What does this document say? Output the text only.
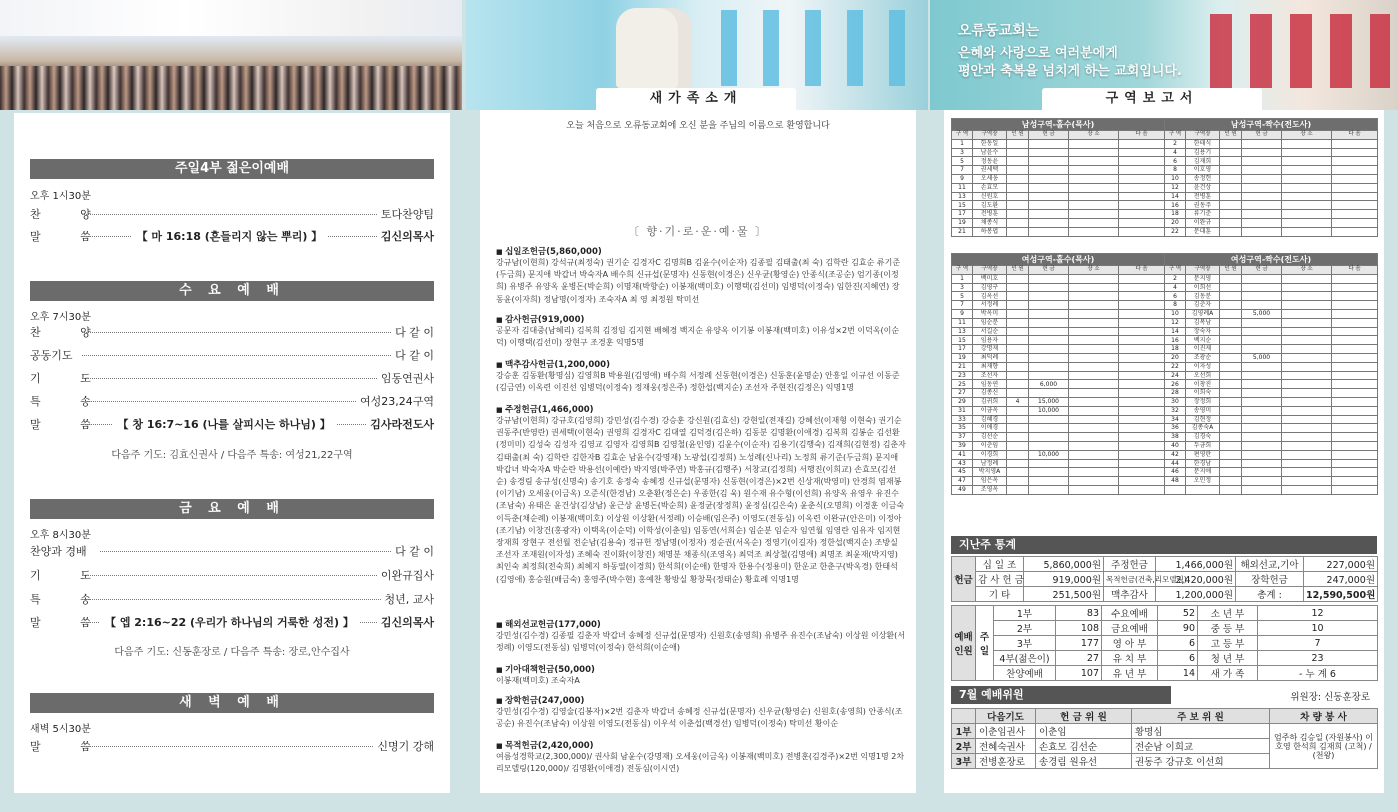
주일4부 젊은이예배
오후 1시30분
찬 양	토다찬양팀
말 씀	【 마 16:18 (흔들리지 않는 뿌리) 】	김신의목사
수 요 예 배
오후 7시30분
찬 양	다 같 이
공동기도	다 같 이
기 도	임동연권사
특 송	여성23,24구역
말 씀 【 창 16:7~16 (나를 살피시는 하나님) 】	김사라전도사
다음주 기도: 김효신권사 / 다음주 특송: 여성21,22구역
금 요 예 배
오후 8시30분
찬양과 경배	다 같 이
기 도	이완규집사
특 송	청년, 교사
말 씀
【 엡 2:16~22 (우리가 하나님의 거룩한 성전) 】 김신의목사
다음주 기도: 신동훈장로 / 다음주 특송: 장로,안수집사
새 벽 예 배
새벽 5시30분
말 씀	신명기 강해
새가족소개
오늘 처음으로 오류동교회에 오신 분을 주님의 이름으로 환영합니다
〔 향·기·로·운·예·물 〕
■ 십일조헌금(5,860,000)
강규남(이현희) 강석규(최정숙) 권기순 김경자C 김명희B 김윤수(이순자) 김종필 김태출(최 숙) 김학란 김효순 류기준(두금희) 문지애 박갑녀 박숙자A 배수희 신규섭(문명자) 신동현(이경은) 신우균(황영순) 안종식(조공순) 엄기종(이정희) 유병주 유양옥 윤병돈(박순희) 이명재(박향순) 이봉재(백미호) 이행택(김선미) 임병덕(이정숙) 임한진(지혜연) 장동윤(이자희) 정남명(이정자) 조숙자A 최 영 최정원 탁미선
■ 감사헌금(919,000)
공문자 김대중(남혜리) 김복희 김정임 김지현 배혜경 백지순 유양옥 이기봉 이봉재(백미호) 이유성×2번 이덕옥(이순덕) 이행택(김선미) 장현구 조경훈 익명5명
■ 맥추감사헌금(1,200,000)
강승훈 김동환(황명심) 김영희B 박용원(김영애) 배수희 서정례 신동현(이경은) 신동훈(윤명순) 안흥일 이규선 이동준(김금연) 이옥련 이진선 임병덕(이정숙) 정재웅(정은주) 정한섭(백지순) 조선자 주현진(김정은) 익명1명
■ 주정헌금(1,466,000)
강규남(이현희) 강규호(김영희) 강민성(김수경) 강승훈 강신원(김효신) 강현일(전재길) 강혜선(이재형 이현숙) 권기순 권동주(반영란) 권세택(이현숙) 권영희 김경자C 김대열 김덕경(김은하) 김동분 김명환(이애경) 김복희 김봉순 김선환(정미미) 김성숙 김성자 김영교 김영자 김영희B 김영철(윤인영) 김윤수(이순자) 김용기(김행숙) 김재희(김현정) 김춘자 김태출(최 숙) 김학란 김한자B 김효순 남윤수(강명재) 노광섭(김정희) 노성례(신나리) 노정희 류기준(두금희) 문지애 박갑녀 박숙자A 박순란 박용선(이예란) 박지영(박주연) 박홍규(김행주) 서창교(김정희) 서행진(이희교) 손효모(김선순) 송경림 송규성(신명숙) 송기호 송정숙 송혜정 신규섭(문명자) 신동현(이경은)×2번 신상재(박영미) 안경희 염재봉(이기남) 오세웅(이금옥) 오준식(한경남) 오춘환(정은순) 우종한(김 욱) 원수재 유수형(이선희) 유양옥 유영우 유진수(조남숙) 유태은 윤건상(김상남) 윤근상 윤병돈(박순희) 윤정균(장정희) 윤정심(김은숙) 윤춘식(오명희) 이경훈 이금숙 이득춘(채순례) 이봉재(백미호) 이상원 이상환(서정례) 이승배(임은주) 이영도(전동심) 이옥련 이완규(안은미) 이정아(조기남) 이창건(홍광자) 이택옥(이순덕) 이학성(이춘임) 임동연(서희순) 임순분 임순자 임연월 임영란 임유자 임지현 장재희 장현구 전선월 전순남(김용숙) 정규헌 정남명(이정자) 정순권(서옥순) 정영기(이길자) 정한섭(백지순) 조방실 조선자 조재원(이자성) 조혜숙 진이화(이창진) 채명분 채종식(조영옥) 최덕조 최상철(김명애) 최명조 최윤재(박지영) 최인숙 최정희(전숙희) 최혜지 하동열(이경희) 한석희(이순애) 한명자 한용수(정용미) 한운교 한춘구(박옥경) 한태석(김영애) 홍승원(배금숙) 홍영주(박수현) 홍예찬 황방실 황창묵(정태순) 황효례 익명1명
■ 해외선교헌금(177,000)
강민성(김수경) 김종필 김춘자 박갑녀 송혜정 신규섭(문명자) 신원호(송영희) 유병주 유진수(조남숙) 이상원 이상환(서정례) 이영도(전동심) 임병덕(이정숙) 한석희(이순애)
■ 기아대책헌금(50,000)
이봉재(백미호) 조숙자A
■ 장학헌금(247,000)
강민성(김수경) 김영술(김봉자)×2번 김춘자 박갑녀 송혜정 신규섭(문명자) 신우균(황영순) 신원호(송영희) 안종식(조공순) 유진수(조남숙) 이상원 이영도(전동심) 이우석 이춘섭(백경선) 임병덕(이정숙) 탁미선 황이순
■ 목적헌금(2,420,000)
여름성경학교(2,300,000)/ 권사회 남윤수(강명재) 오세웅(이금옥) 이봉재(백미호) 전병훈(김경주)×2번 익명1명 2차리모델링(120,000)/ 김명환(이애경) 전동심(이시연)
오류동교회는
은혜와 사랑으로 여러분에게
평안과 축복을 넘치게 하는 교회입니다.
구역보고서
남성구역-홀수(목사)						남성구역-짝수(전도사)					
구 역	구역장	인 원	헌 금	장 소	다 음	구 역	구역장	인 원	헌 금	장 소	다 음
1	한동일					2	한태식				
3	남윤수					4	김용기				
5	정동윤					6	김재희				
7	권세택					8	이호영				
9	오세웅					10	송정헌				
11	손효모					12	윤건상				
13	신원호					14	전병훈				
15	김도환					16	권동주				
17	전병훈					18	류기준				
19	채종식					20	이완규				
21	하봉엽					22	문대훈				
여성구역-홀수(목사)						여성구역-짝수(전도사)					
구 역	구역장	인 원	헌 금	장 소	다 음	구 역	구역장	인 원	헌 금	장 소	다 음
1	백미호					2	문지영				
3	김영구					4	이희선				
5	김옥선					6	김동분				
7	서정례					8	김춘자				
9	박옥미					10	김영례A		5,000		
11	임순분					12	김복남				
13	서길순					14	장숙자				
15	임용자					16	백지순				
17	강명재					18	이진재				
19	최덕례					20	조광순		5,000		
21	최재향					22	이자성				
23	조선자					24	오선희				
25	임동연		6,000			26	이창진				
27	김종신					28	이희숙				
29	김귀희	4	15,000			30	장정희				
31	이금옥		10,000			32	송영미				
33	김혜경					34	김현정				
35	이애경					36	김종숙A				
37	김선순					38	김경숙				
39	이춘임					40	두금희				
41	이경희		10,000			42	편영란				
43	남정례					44	한경남				
45	박지영A					46	문지애				
47	임은옥					48	오민정				
49	조영옥										
지난주 통계
헌금	십 일 조	5,860,000원	주정헌금	1,466,000원	해외선교,기아	227,000원
	감 사 헌 금	919,000원	목적헌금(건축,리모델링)	2,420,000원	장학헌금	247,000원
	기 타	251,500원	맥추감사	1,200,000원	총계 :	12,590,500원
예배 인원	주 일	1부	83	수요예배	52	소 년 부	12
		2부	108	금요예배	90	중 등 부	10
		3부	177	영 아 부	6	고 등 부	7
		4부(젊은이)	27	유 치 부	6	청 년 부	23
		찬양예배	107	유 년 부	14	새 가 족	- 누 계 6
7월 예배위원	위원장: 신동훈장로
	다음기도	헌 금 위 원	주 보 위 원	차 량 봉 사
1부	이춘임권사	이춘임	황명심	엄주하 김승일 (자원봉사) 이호영 한석희 김재희 (고척) / (천왕)
2부	전혜숙권사	손효모 김선순	전순남 이희교	
3부	전병훈장로	송경림 원유선	권동주 강규호 이선희	
